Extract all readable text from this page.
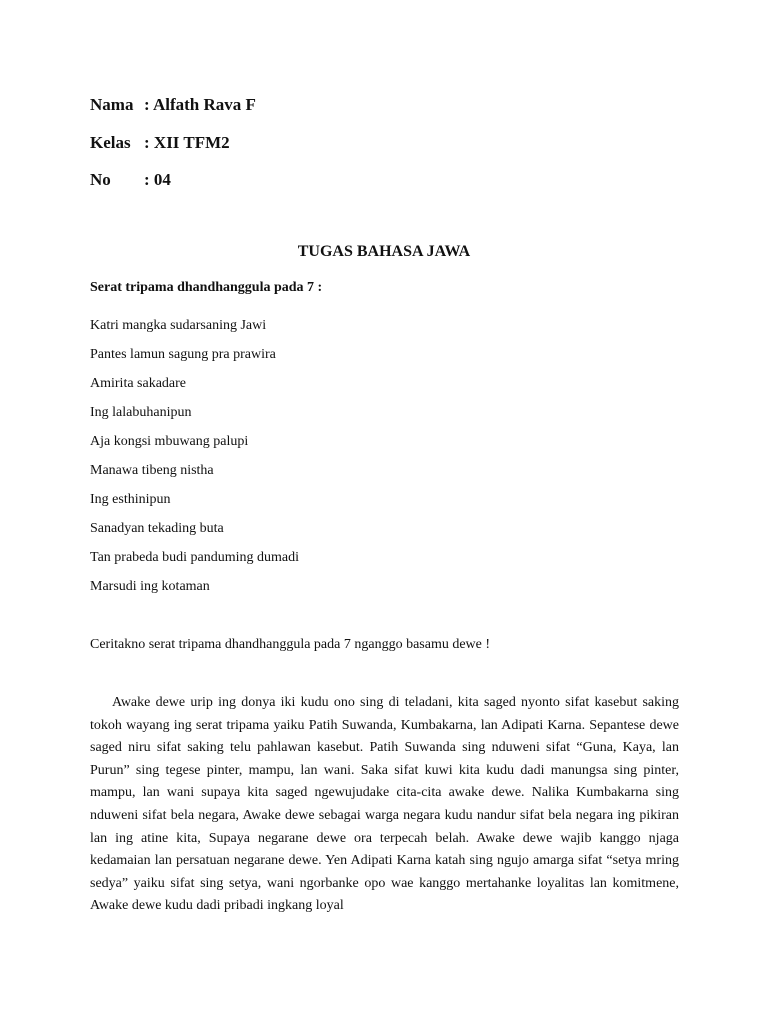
Nama : Alfath Rava F
Kelas : XII TFM2
No : 04
TUGAS BAHASA JAWA
Serat tripama dhandhanggula pada 7 :
Katri mangka sudarsaning Jawi
Pantes lamun sagung pra prawira
Amirita sakadare
Ing lalabuhanipun
Aja kongsi mbuwang palupi
Manawa tibeng nistha
Ing esthinipun
Sanadyan tekading buta
Tan prabeda budi panduming dumadi
Marsudi ing kotaman
Ceritakno serat tripama dhandhanggula pada 7 nganggo basamu dewe !

Awake dewe urip ing donya iki kudu ono sing di teladani, kita saged nyonto sifat kasebut saking tokoh wayang ing serat tripama yaiku Patih Suwanda, Kumbakarna, lan Adipati Karna. Sepantese dewe saged niru sifat saking telu pahlawan kasebut. Patih Suwanda sing nduweni sifat “Guna, Kaya, lan Purun” sing tegese pinter, mampu, lan wani. Saka sifat kuwi kita kudu dadi manungsa sing pinter, mampu, lan wani supaya kita saged ngewujudake cita-cita awake dewe. Nalika Kumbakarna sing nduweni sifat bela negara, Awake dewe sebagai warga negara kudu nandur sifat bela negara ing pikiran lan ing atine kita, Supaya negarane dewe ora terpecah belah. Awake dewe wajib kanggo njaga kedamaian lan persatuan negarane dewe. Yen Adipati Karna katah sing ngujo amarga sifat “setya mring sedya” yaiku sifat sing setya, wani ngorbanke opo wae kanggo mertahanke loyalitas lan komitmene, Awake dewe kudu dadi pribadi ingkang loyal
